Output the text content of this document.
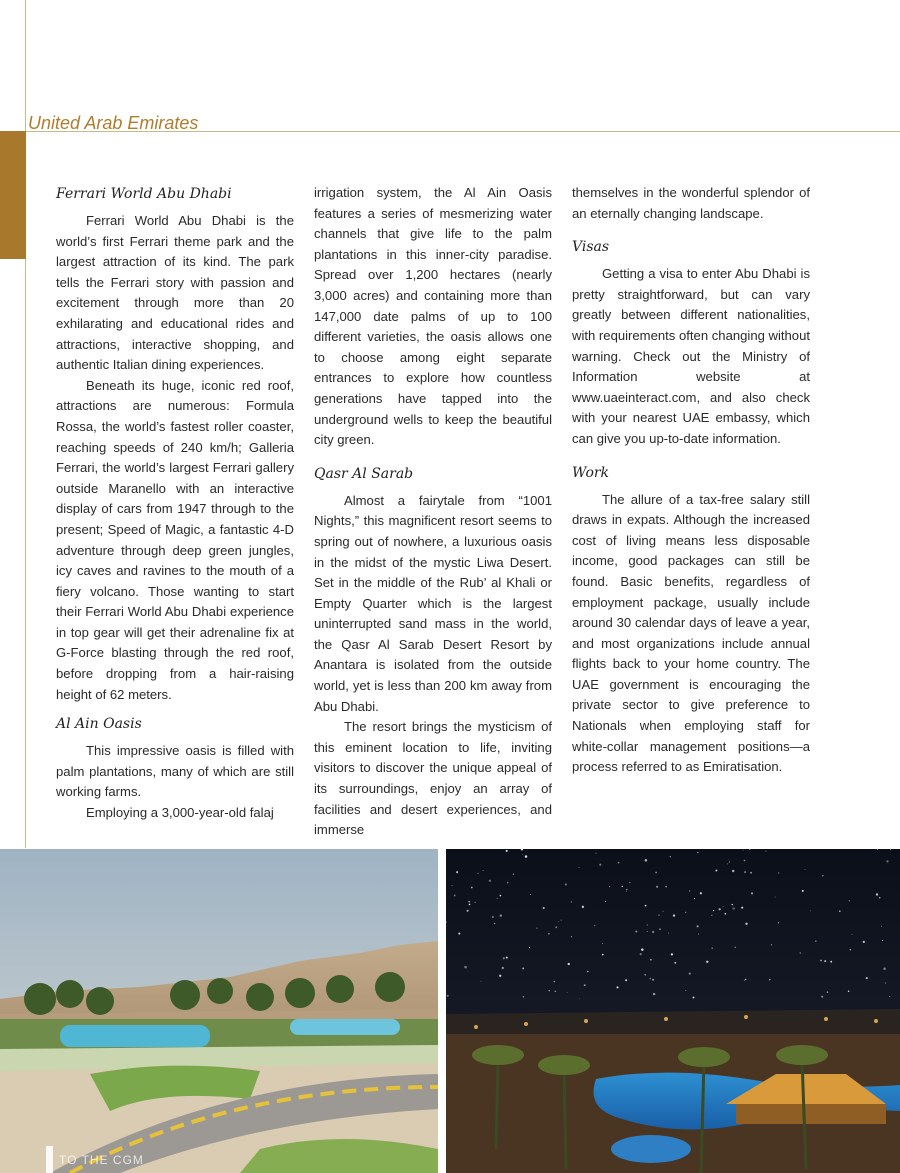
United Arab Emirates
Ferrari World Abu Dhabi

Ferrari World Abu Dhabi is the world’s first Ferrari theme park and the largest attraction of its kind. The park tells the Ferrari story with passion and excitement through more than 20 exhilarating and educational rides and attractions, interactive shopping, and authentic Italian dining experiences.

Beneath its huge, iconic red roof, attractions are numerous: Formula Rossa, the world’s fastest roller coaster, reaching speeds of 240 km/h; Galleria Ferrari, the world’s largest Ferrari gallery outside Maranello with an interactive display of cars from 1947 through to the present; Speed of Magic, a fantastic 4-D adventure through deep green jungles, icy caves and ravines to the mouth of a fiery volcano. Those wanting to start their Ferrari World Abu Dhabi experience in top gear will get their adrenaline fix at G-Force blasting through the red roof, before dropping from a hair-raising height of 62 meters.

Al Ain Oasis

This impressive oasis is filled with palm plantations, many of which are still working farms.

Employing a 3,000-year-old falaj

irrigation system, the Al Ain Oasis features a series of mesmerizing water channels that give life to the palm plantations in this inner-city paradise. Spread over 1,200 hectares (nearly 3,000 acres) and containing more than 147,000 date palms of up to 100 different varieties, the oasis allows one to choose among eight separate entrances to explore how countless generations have tapped into the underground wells to keep the beautiful city green.

Qasr Al Sarab

Almost a fairytale from “1001 Nights,” this magnificent resort seems to spring out of nowhere, a luxurious oasis in the midst of the mystic Liwa Desert. Set in the middle of the Rub’ al Khali or Empty Quarter which is the largest uninterrupted sand mass in the world, the Qasr Al Sarab Desert Resort by Anantara is isolated from the outside world, yet is less than 200 km away from Abu Dhabi.

The resort brings the mysticism of this eminent location to life, inviting visitors to discover the unique appeal of its surroundings, enjoy an array of facilities and desert experiences, and immerse

themselves in the wonderful splendor of an eternally changing landscape.

Visas

Getting a visa to enter Abu Dhabi is pretty straightforward, but can vary greatly between different nationalities, with requirements often changing without warning. Check out the Ministry of Information website at www.uaeinteract.com, and also check with your nearest UAE embassy, which can give you up-to-date information.

Work

The allure of a tax-free salary still draws in expats. Although the increased cost of living means less disposable income, good packages can still be found. Basic benefits, regardless of employment package, usually include around 30 calendar days of leave a year, and most organizations include annual flights back to your home country. The UAE government is encouraging the private sector to give preference to Nationals when employing staff for white-collar management positions—a process referred to as Emiratisation.

TO THE CGM
